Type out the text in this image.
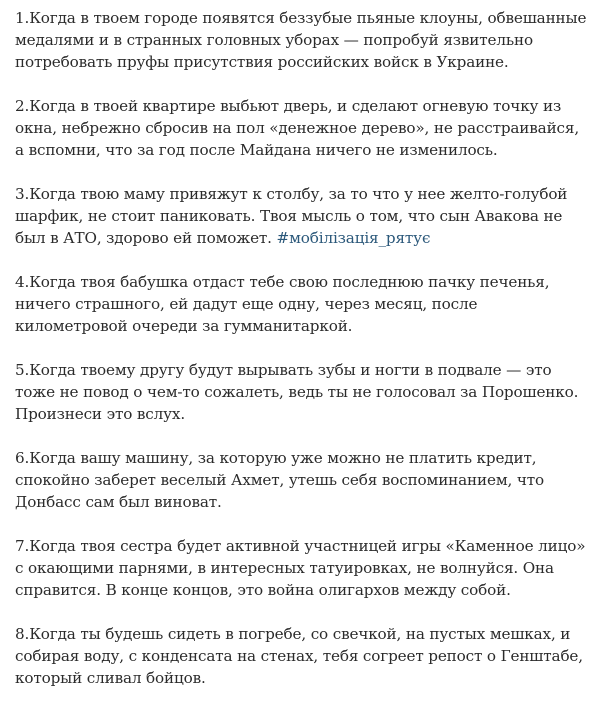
1.Когда в твоем городе появятся беззубые пьяные клоуны, обвешанные медалями и в странных головных уборах — попробуй язвительно потребовать пруфы присутствия российских войск в Украине.

2.Когда в твоей квартире выбьют дверь, и сделают огневую точку из окна, небрежно сбросив на пол «денежное дерево», не расстраивайся, а вспомни, что за год после Майдана ничего не изменилось.

3.Когда твою маму привяжут к столбу, за то что у нее желто-голубой шарфик, не стоит паниковать. Твоя мысль о том, что сын Авакова не был в АТО, здорово ей поможет. #мобілізація_рятує

4.Когда твоя бабушка отдаст тебе свою последнюю пачку печенья, ничего страшного, ей дадут еще одну, через месяц, после километровой очереди за гумманитаркой.

5.Когда твоему другу будут вырывать зубы и ногти в подвале — это тоже не повод о чем-то сожалеть, ведь ты не голосовал за Порошенко. Произнеси это вслух.

6.Когда вашу машину, за которую уже можно не платить кредит, спокойно заберет веселый Ахмет, утешь себя воспоминанием, что Донбасс сам был виноват.

7.Когда твоя сестра будет активной участницей игры «Каменное лицо» с окающими парнями, в интересных татуировках, не волнуйся. Она справится. В конце концов, это война олигархов между собой.

8.Когда ты будешь сидеть в погребе, со свечкой, на пустых мешках, и собирая воду, с конденсата на стенах, тебя согреет репост о Генштабе, который сливал бойцов.
